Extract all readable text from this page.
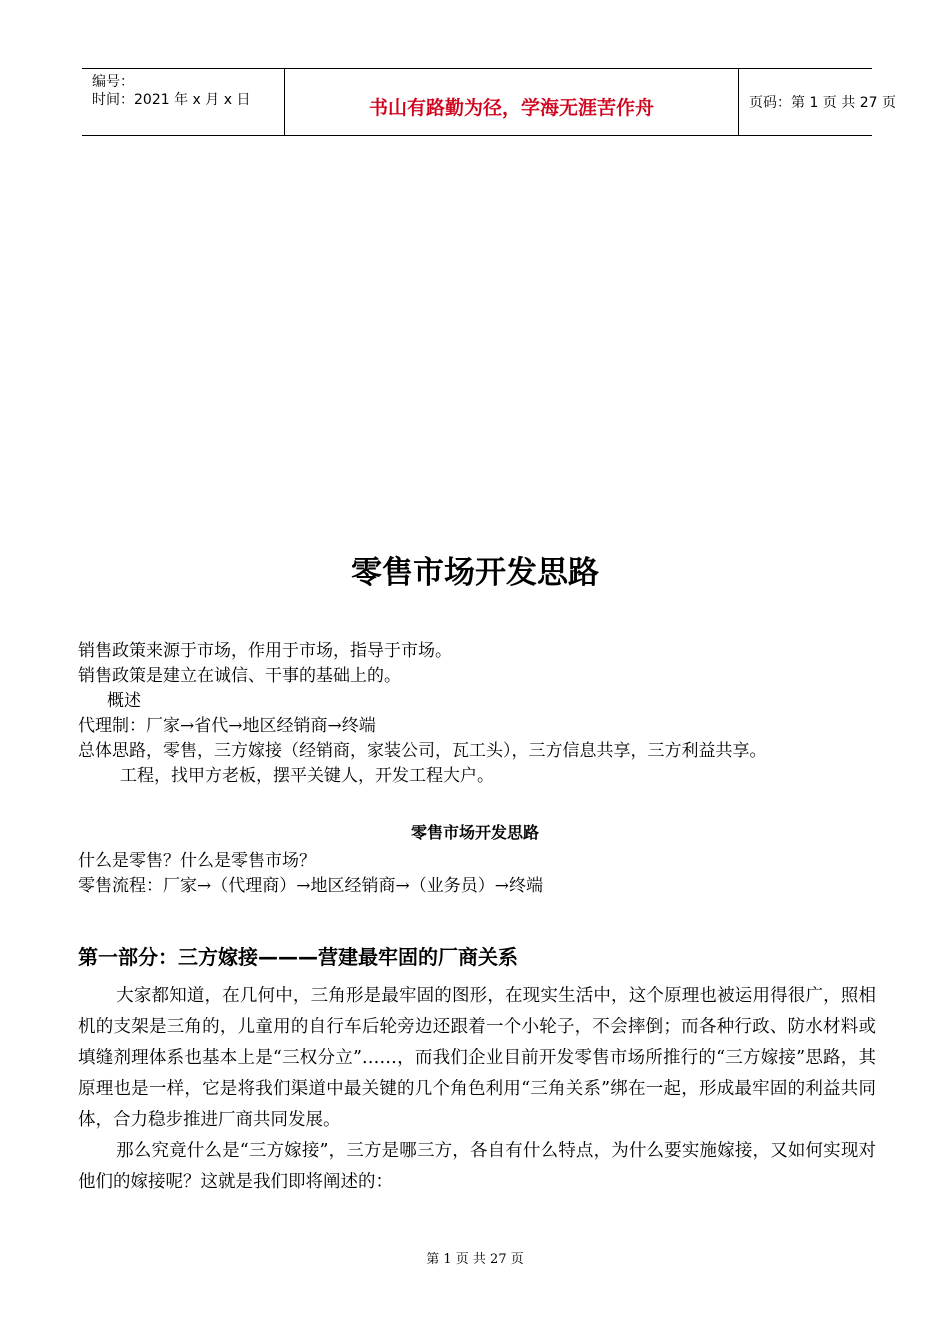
编号：
时间：2021 年 x 月 x 日	书山有路勤为径，学海无涯苦作舟	页码：第 1 页 共 27 页
零售市场开发思路
销售政策来源于市场，作用于市场，指导于市场。
销售政策是建立在诚信、干事的基础上的。
概述
代理制：厂家→省代→地区经销商→终端
总体思路，零售，三方嫁接（经销商，家装公司，瓦工头），三方信息共享，三方利益共享。
工程，找甲方老板，摆平关键人，开发工程大户。
零售市场开发思路
什么是零售？什么是零售市场？
零售流程：厂家→（代理商）→地区经销商→（业务员）→终端
第一部分：三方嫁接———营建最牢固的厂商关系
大家都知道，在几何中，三角形是最牢固的图形，在现实生活中，这个原理也被运用得很广，照相机的支架是三角的，儿童用的自行车后轮旁边还跟着一个小轮子，不会摔倒；而各种行政、防水材料或填缝剂理体系也基本上是“三权分立”……，而我们企业目前开发零售市场所推行的“三方嫁接”思路，其原理也是一样，它是将我们渠道中最关键的几个角色利用“三角关系”绑在一起，形成最牢固的利益共同体，合力稳步推进厂商共同发展。
那么究竟什么是“三方嫁接”，三方是哪三方，各自有什么特点，为什么要实施嫁接，又如何实现对他们的嫁接呢？这就是我们即将阐述的：
第 1 页 共 27 页
